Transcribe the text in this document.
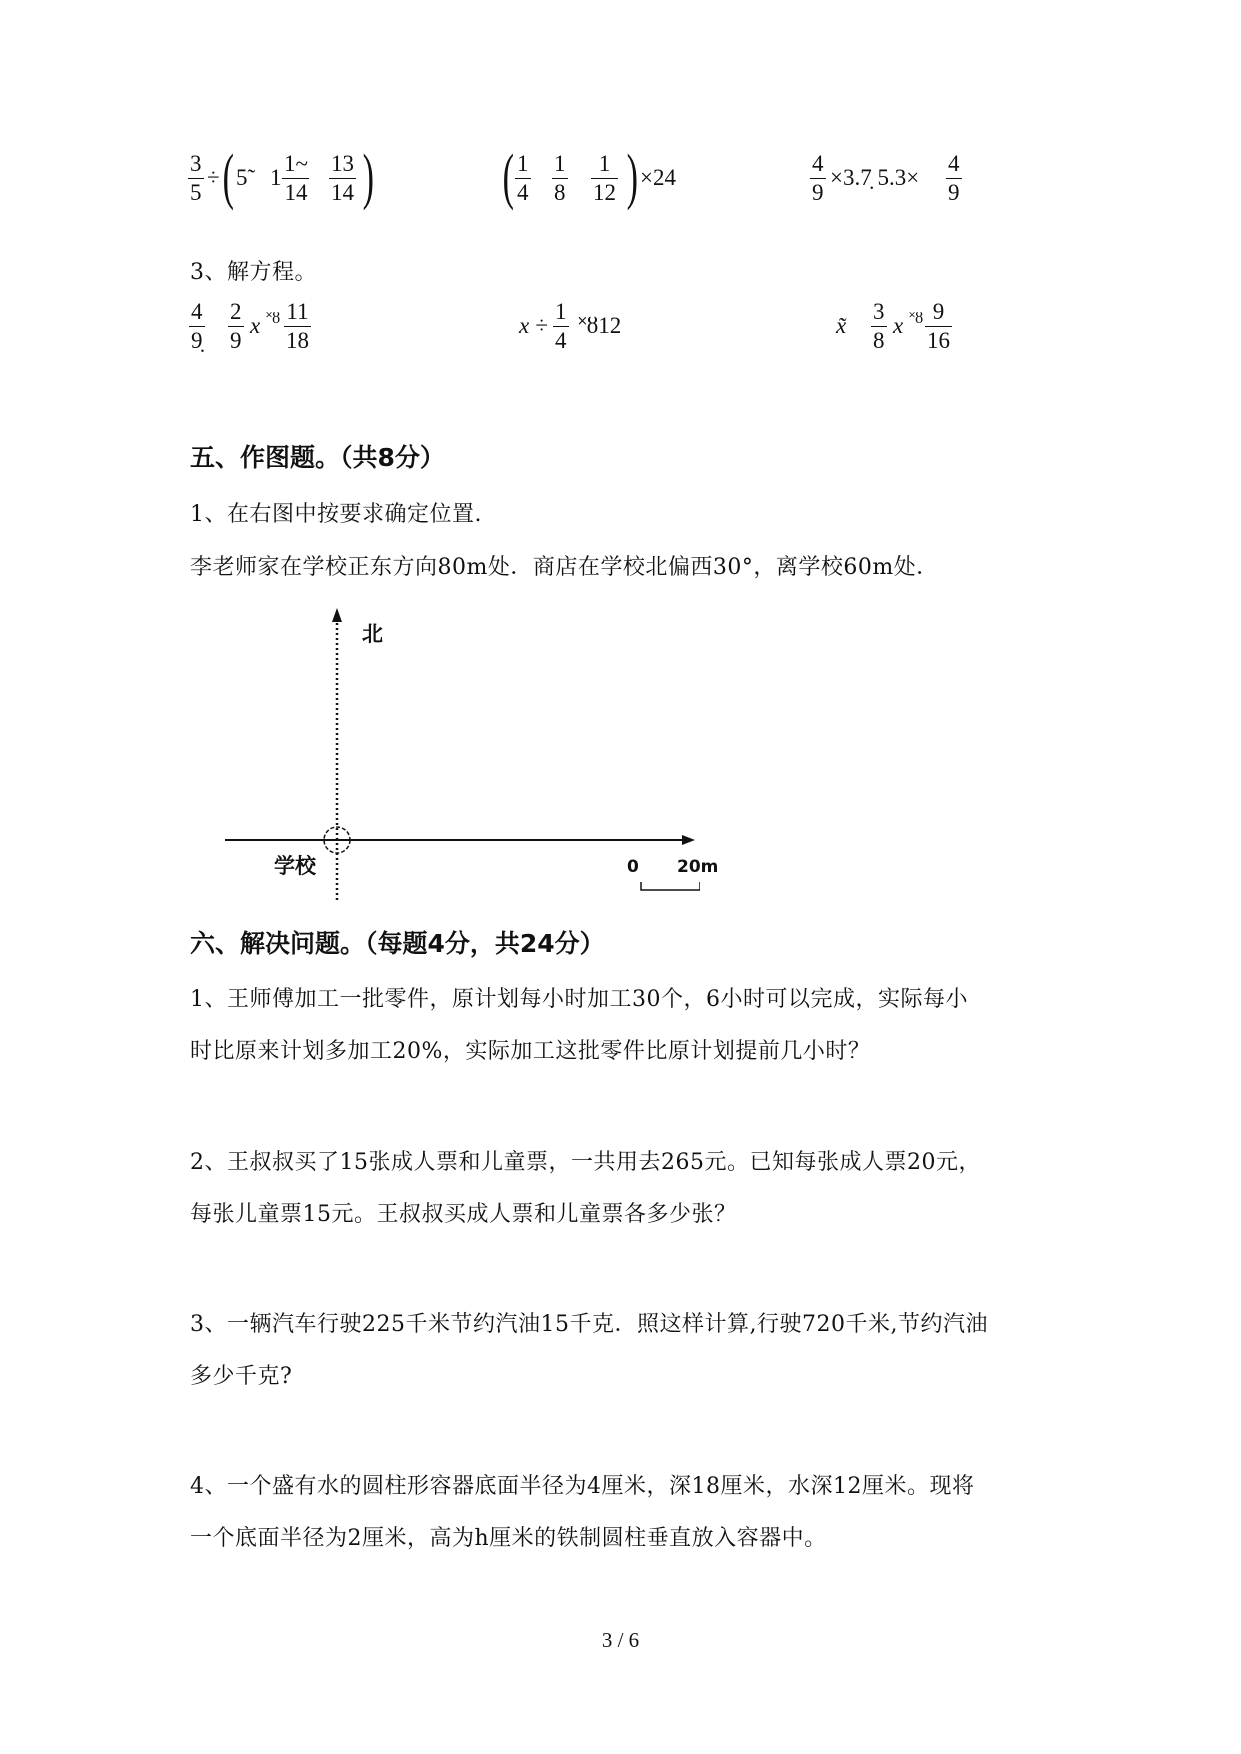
$\frac{3}{5}$ ÷ ( 5̃ $1 \frac{1\sim}{14} \frac{13}{14}$ ) ( $\frac{1}{4} \frac{1}{8} \frac{1}{12}$ ) ×24	$\frac{4}{9}$ ×3.7̣ $5.3\times \frac{4}{9}$
3、解方程。
$\frac{4}{9̣} \frac{2}{9}$ x ˟ȣ $\frac{11}{18}$	$x \div \frac{1}{4}$ ˟ȣ12	x̃ $\frac{3}{8}$ x ˟ȣ $\frac{9}{16}$
五、作图题。（共8分）
1、在右图中按要求确定位置.
李老师家在学校正东方向80m处．商店在学校北偏西30°，离学校60m处．
北
学校	0 20m
六、解决问题。（每题4分，共24分）
1、王师傅加工一批零件，原计划每小时加工30个，6小时可以完成，实际每小
时比原来计划多加工20%，实际加工这批零件比原计划提前几小时？
2、王叔叔买了15张成人票和儿童票，一共用去265元。已知每张成人票20元，
每张儿童票15元。王叔叔买成人票和儿童票各多少张？
3、一辆汽车行驶225千米节约汽油15千克．照这样计算,行驶720千米,节约汽油
多少千克?
4、一个盛有水的圆柱形容器底面半径为4厘米，深18厘米，水深12厘米。现将
一个底面半径为2厘米，高为h厘米的铁制圆柱垂直放入容器中。
3 / 6
